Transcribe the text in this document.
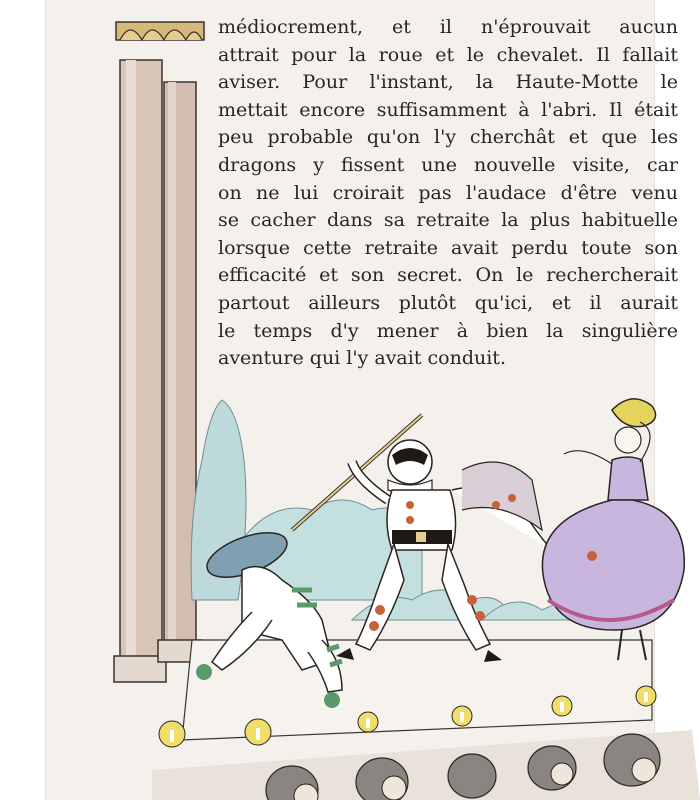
médiocrement, et il n'éprouvait aucun
attrait pour la roue et le chevalet. Il fallait
aviser. Pour l'instant, la Haute-Motte le
mettait encore suffisamment à l'abri. Il était
peu probable qu'on l'y cherchât et que les
dragons y fissent une nouvelle visite, car
on ne lui croirait pas l'audace d'être venu
se cacher dans sa retraite la plus habituelle
lorsque cette retraite avait perdu toute son
efficacité et son secret. On le rechercherait
partout ailleurs plutôt qu'ici, et il aurait
le temps d'y mener à bien la singulière
aventure qui l'y avait conduit.
